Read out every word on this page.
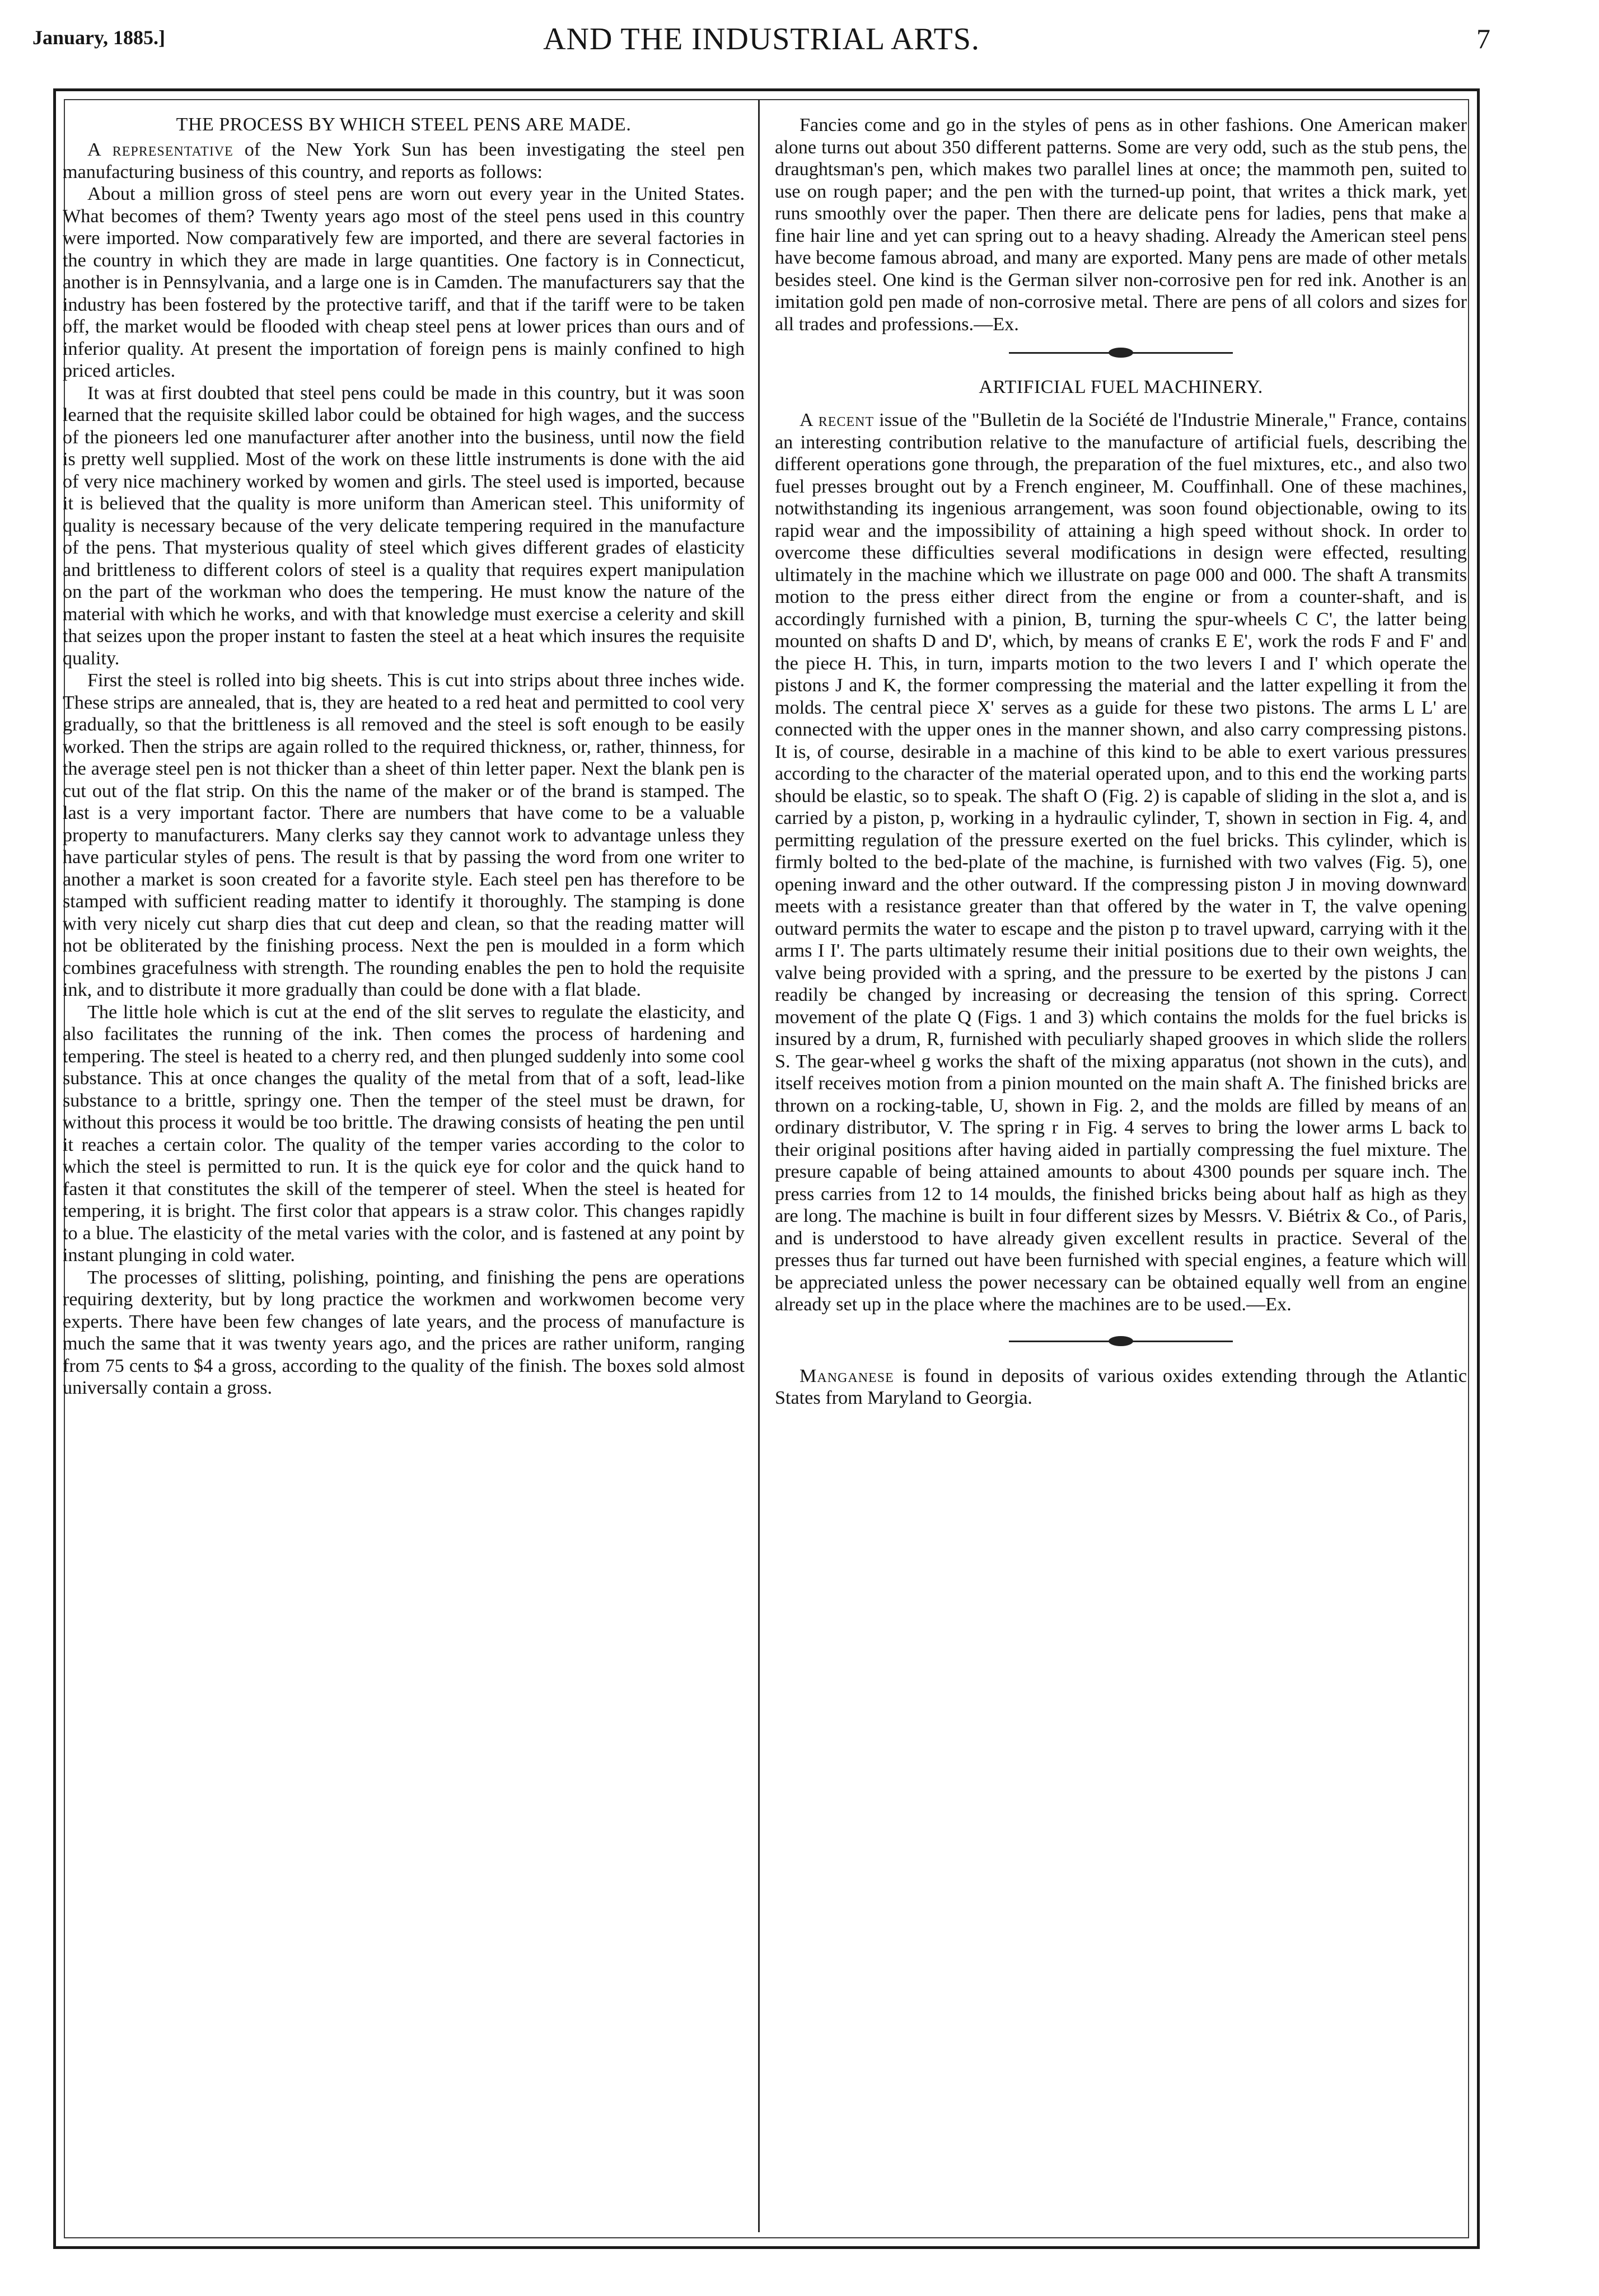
January, 1885.]	AND THE INDUSTRIAL ARTS.	7
THE PROCESS BY WHICH STEEL PENS ARE MADE.

A representative of the New York Sun has been investigating the steel pen manufacturing business of this country, and reports as follows:

About a million gross of steel pens are worn out every year in the United States. What becomes of them? Twenty years ago most of the steel pens used in this country were imported. Now comparatively few are imported, and there are several factories in the country in which they are made in large quantities. One factory is in Connecticut, another is in Pennsylvania, and a large one is in Camden. The manufacturers say that the industry has been fostered by the protective tariff, and that if the tariff were to be taken off, the market would be flooded with cheap steel pens at lower prices than ours and of inferior quality. At present the importation of foreign pens is mainly confined to high priced articles.

It was at first doubted that steel pens could be made in this country, but it was soon learned that the requisite skilled labor could be obtained for high wages, and the success of the pioneers led one manufacturer after another into the business, until now the field is pretty well supplied. Most of the work on these little instruments is done with the aid of very nice machinery worked by women and girls. The steel used is imported, because it is believed that the quality is more uniform than American steel. This uniformity of quality is necessary because of the very delicate tempering required in the manufacture of the pens. That mysterious quality of steel which gives different grades of elasticity and brittleness to different colors of steel is a quality that requires expert manipulation on the part of the workman who does the tempering. He must know the nature of the material with which he works, and with that knowledge must exercise a celerity and skill that seizes upon the proper instant to fasten the steel at a heat which insures the requisite quality.

First the steel is rolled into big sheets. This is cut into strips about three inches wide. These strips are annealed, that is, they are heated to a red heat and permitted to cool very gradually, so that the brittleness is all removed and the steel is soft enough to be easily worked. Then the strips are again rolled to the required thickness, or, rather, thinness, for the average steel pen is not thicker than a sheet of thin letter paper. Next the blank pen is cut out of the flat strip. On this the name of the maker or of the brand is stamped. The last is a very important factor. There are numbers that have come to be a valuable property to manufacturers. Many clerks say they cannot work to advantage unless they have particular styles of pens. The result is that by passing the word from one writer to another a market is soon created for a favorite style. Each steel pen has therefore to be stamped with sufficient reading matter to identify it thoroughly. The stamping is done with very nicely cut sharp dies that cut deep and clean, so that the reading matter will not be obliterated by the finishing process. Next the pen is moulded in a form which combines gracefulness with strength. The rounding enables the pen to hold the requisite ink, and to distribute it more gradually than could be done with a flat blade.

The little hole which is cut at the end of the slit serves to regulate the elasticity, and also facilitates the running of the ink. Then comes the process of hardening and tempering. The steel is heated to a cherry red, and then plunged suddenly into some cool substance. This at once changes the quality of the metal from that of a soft, lead-like substance to a brittle, springy one. Then the temper of the steel must be drawn, for without this process it would be too brittle. The drawing consists of heating the pen until it reaches a certain color. The quality of the temper varies according to the color to which the steel is permitted to run. It is the quick eye for color and the quick hand to fasten it that constitutes the skill of the temperer of steel. When the steel is heated for tempering, it is bright. The first color that appears is a straw color. This changes rapidly to a blue. The elasticity of the metal varies with the color, and is fastened at any point by instant plunging in cold water.

The processes of slitting, polishing, pointing, and finishing the pens are operations requiring dexterity, but by long practice the workmen and workwomen become very experts. There have been few changes of late years, and the process of manufacture is much the same that it was twenty years ago, and the prices are rather uniform, ranging from 75 cents to $4 a gross, according to the quality of the finish. The boxes sold almost universally contain a gross.

Fancies come and go in the styles of pens as in other fashions. One American maker alone turns out about 350 different patterns. Some are very odd, such as the stub pens, the draughtsman's pen, which makes two parallel lines at once; the mammoth pen, suited to use on rough paper; and the pen with the turned-up point, that writes a thick mark, yet runs smoothly over the paper. Then there are delicate pens for ladies, pens that make a fine hair line and yet can spring out to a heavy shading. Already the American steel pens have become famous abroad, and many are exported. Many pens are made of other metals besides steel. One kind is the German silver non-corrosive pen for red ink. Another is an imitation gold pen made of non-corrosive metal. There are pens of all colors and sizes for all trades and professions.—Ex.

ARTIFICIAL FUEL MACHINERY.

A recent issue of the "Bulletin de la Société de l'Industrie Minerale," France, contains an interesting contribution relative to the manufacture of artificial fuels, describing the different operations gone through, the preparation of the fuel mixtures, etc., and also two fuel presses brought out by a French engineer, M. Couffinhall. One of these machines, notwithstanding its ingenious arrangement, was soon found objectionable, owing to its rapid wear and the impossibility of attaining a high speed without shock. In order to overcome these difficulties several modifications in design were effected, resulting ultimately in the machine which we illustrate on page 000 and 000. The shaft A transmits motion to the press either direct from the engine or from a counter-shaft, and is accordingly furnished with a pinion, B, turning the spur-wheels C C', the latter being mounted on shafts D and D', which, by means of cranks E E', work the rods F and F' and the piece H. This, in turn, imparts motion to the two levers I and I' which operate the pistons J and K, the former compressing the material and the latter expelling it from the molds. The central piece X' serves as a guide for these two pistons. The arms L L' are connected with the upper ones in the manner shown, and also carry compressing pistons. It is, of course, desirable in a machine of this kind to be able to exert various pressures according to the character of the material operated upon, and to this end the working parts should be elastic, so to speak. The shaft O (Fig. 2) is capable of sliding in the slot a, and is carried by a piston, p, working in a hydraulic cylinder, T, shown in section in Fig. 4, and permitting regulation of the pressure exerted on the fuel bricks. This cylinder, which is firmly bolted to the bed-plate of the machine, is furnished with two valves (Fig. 5), one opening inward and the other outward. If the compressing piston J in moving downward meets with a resistance greater than that offered by the water in T, the valve opening outward permits the water to escape and the piston p to travel upward, carrying with it the arms I I'. The parts ultimately resume their initial positions due to their own weights, the valve being provided with a spring, and the pressure to be exerted by the pistons J can readily be changed by increasing or decreasing the tension of this spring. Correct movement of the plate Q (Figs. 1 and 3) which contains the molds for the fuel bricks is insured by a drum, R, furnished with peculiarly shaped grooves in which slide the rollers S. The gear-wheel g works the shaft of the mixing apparatus (not shown in the cuts), and itself receives motion from a pinion mounted on the main shaft A. The finished bricks are thrown on a rocking-table, U, shown in Fig. 2, and the molds are filled by means of an ordinary distributor, V. The spring r in Fig. 4 serves to bring the lower arms L back to their original positions after having aided in partially compressing the fuel mixture. The presure capable of being attained amounts to about 4300 pounds per square inch. The press carries from 12 to 14 moulds, the finished bricks being about half as high as they are long. The machine is built in four different sizes by Messrs. V. Biétrix & Co., of Paris, and is understood to have already given excellent results in practice. Several of the presses thus far turned out have been furnished with special engines, a feature which will be appreciated unless the power necessary can be obtained equally well from an engine already set up in the place where the machines are to be used.—Ex.

Manganese is found in deposits of various oxides extending through the Atlantic States from Maryland to Georgia.
